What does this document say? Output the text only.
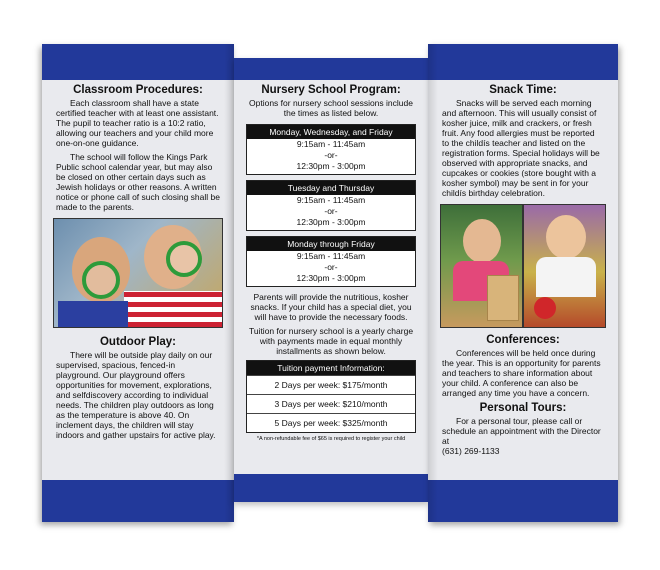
Classroom Procedures:

Each classroom shall have a state certified teacher with at least one assistant. The pupil to teacher ratio is a 10:2 ratio, allowing our teachers and your child more one-on-one guidance.

The school will follow the Kings Park Public school calendar year, but may also be closed on other certain days such as Jewish holidays or other reasons. A written notice or phone call of such closing shall be made to the parents.

Outdoor Play:

There will be outside play daily on our supervised, spacious, fenced-in playground. Our playground offers opportunities for movement, explorations, and selfdiscovery according to individual needs. The children play outdoors as long as the temperature is above 40. On inclement days, the children will stay indoors and gather upstairs for active play.

Nursery School Program:

Options for nursery school sessions include the times as listed below.

Monday, Wednesday, and Friday
9:15am - 11:45am
-or-
12:30pm - 3:00pm
Tuesday and Thursday
9:15am - 11:45am
-or-
12:30pm - 3:00pm
Monday through Friday
9:15am - 11:45am
-or-
12:30pm - 3:00pm

Parents will provide the nutritious, kosher snacks. If your child has a special diet, you will have to provide the necessary foods.

Tuition for nursery school is a yearly charge with payments made in equal monthly installments as shown below.

Tuition payment Information:
2 Days per week: $175/month
3 Days per week: $210/month
5 Days per week: $325/month
*A non-refundable fee of $65 is required to register your child
Snack Time:

Snacks will be served each morning and afternoon. This will usually consist of kosher juice, milk and crackers, or fresh fruit. Any food allergies must be reported to the childís teacher and listed on the registration forms. Special holidays will be observed with appropriate snacks, and cupcakes or cookies (store bought with a kosher symbol) may be sent in for your childís birthday celebration.

Conferences:

Conferences will be held once during the year. This is an opportunity for parents and teachers to share information about your child. A conference can also be arranged any time you have a concern.

Personal Tours:

For a personal tour, please call or schedule an appointment with the Director at

(631) 269-1133
